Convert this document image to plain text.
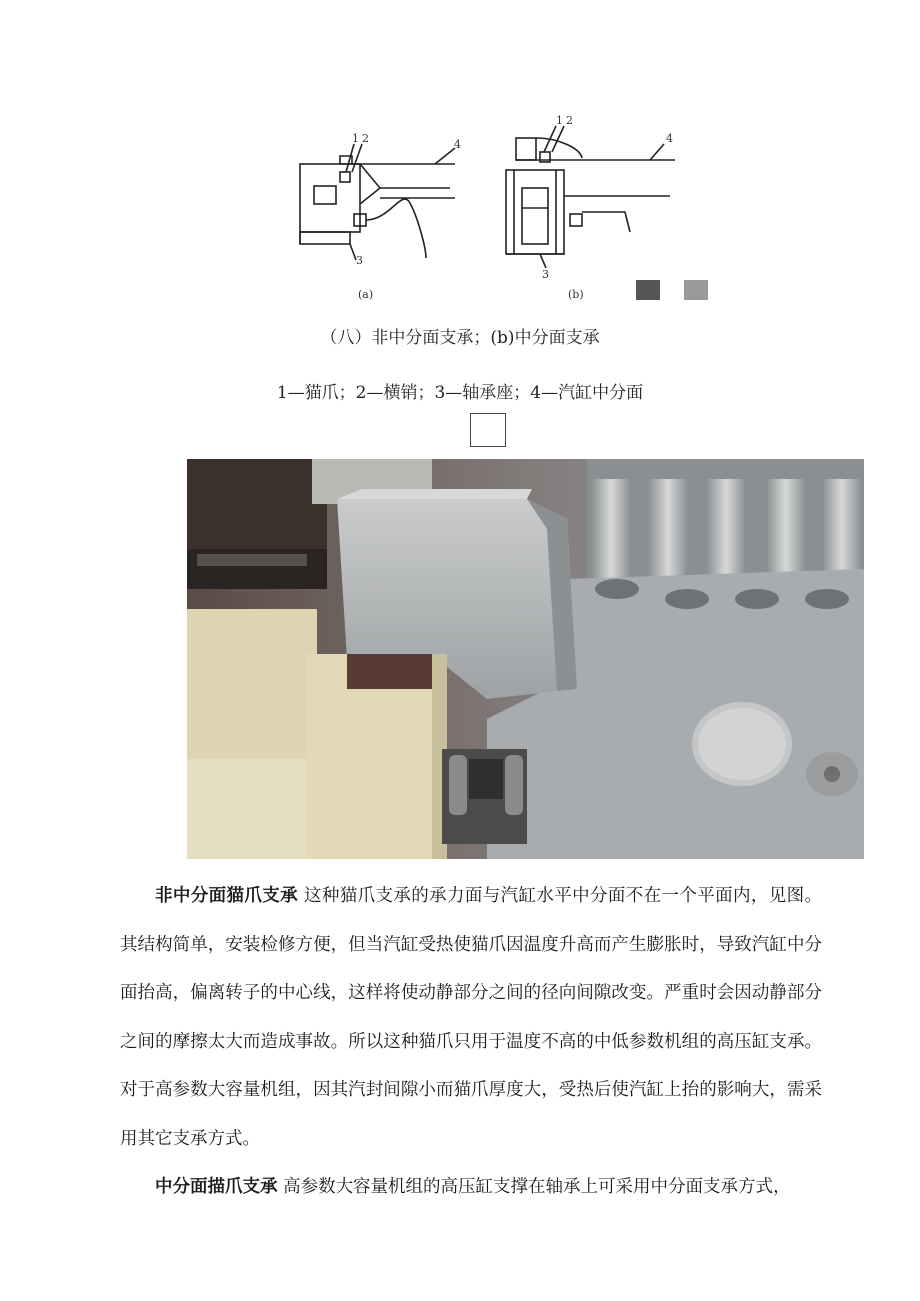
1 2	4
3
1 2
4
3
(a)	(b)
（八）非中分面支承；(b)中分面支承
1—猫爪；2—横销；3—轴承座；4—汽缸中分面

非中分面猫爪支承 这种猫爪支承的承力面与汽缸水平中分面不在一个平面内，见图。其结构简单，安装检修方便，但当汽缸受热使猫爪因温度升高而产生膨胀时，导致汽缸中分面抬高，偏离转子的中心线，这样将使动静部分之间的径向间隙改变。严重时会因动静部分之间的摩擦太大而造成事故。所以这种猫爪只用于温度不高的中低参数机组的高压缸支承。对于高参数大容量机组，因其汽封间隙小而猫爪厚度大，受热后使汽缸上抬的影响大，需采用其它支承方式。

中分面描爪支承 高参数大容量机组的高压缸支撑在轴承上可采用中分面支承方式，
